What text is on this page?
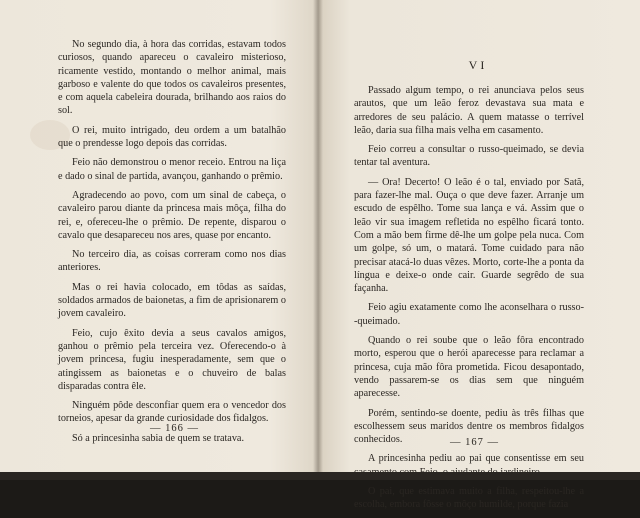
No segundo dia, à hora das corridas, estavam todos curiosos, quando apareceu o cavaleiro misterioso, ricamente vestido, montando o melhor animal, mais garboso e valente do que todos os cavaleiros presentes, e com aquela cabeleira dourada, brilhando aos raios do sol.

O rei, muito intrigado, deu ordem a um batalhão que o prendesse logo depois das corridas.

Feio não demonstrou o menor receio. Entrou na liça e dado o sinal de partida, avançou, ganhando o prêmio.

Agradecendo ao povo, com um sinal de cabeça, o cavaleiro parou diante da princesa mais môça, filha do rei, e, ofereceu-lhe o prêmio. De repente, disparou o cavalo que desapareceu nos ares, quase por encanto.

No terceiro dia, as coisas correram como nos dias anteriores.

Mas o rei havia colocado, em tôdas as saídas, soldados armados de baionetas, a fim de aprisionarem o jovem cavaleiro.

Feio, cujo êxito devia a seus cavalos amigos, ganhou o prêmio pela terceira vez. Oferecendo-o à jovem princesa, fugiu inesperadamente, sem que o atingissem as baionetas e o chuveiro de balas disparadas contra êle.

Ninguém pôde desconfiar quem era o vencedor dos torneios, apesar da grande curiosidade dos fidalgos.

Só a princesinha sabia de quem se tratava.

— 166 —
VI

Passado algum tempo, o rei anunciava pelos seus arautos, que um leão feroz devastava sua mata e arredores de seu palácio. A quem matasse o terrível leão, daria sua filha mais velha em casamento.

Feio correu a consultar o russo-queimado, se devia tentar tal aventura.

— Ora! Decerto! O leão é o tal, enviado por Satã, para fazer-lhe mal. Ouça o que deve fazer. Arranje um escudo de espêlho. Tome sua lança e vá. Assim que o leão vir sua imagem refletida no espêlho ficará tonto. Com a mão bem firme dê-lhe um golpe pela nuca. Com um golpe, só um, o matará. Tome cuidado para não precisar atacá-lo duas vêzes. Morto, corte-lhe a ponta da língua e deixe-o onde cair. Guarde segrêdo de sua façanha.

Feio agiu exatamente como lhe aconselhara o russo--queimado.

Quando o rei soube que o leão fôra encontrado morto, esperou que o herói aparecesse para reclamar a princesa, cuja mão fôra prometida. Ficou desapontado, vendo passarem-se os dias sem que ninguém aparecesse.

Porém, sentindo-se doente, pediu às três filhas que escolhessem seus maridos dentre os membros fidalgos conhecidos.

A princesinha pediu ao pai que consentisse em seu

O pai, que estimava muito a filha, respeitou-lhe a escolha, embora fôsse o môço humilde, porque fazia

— 167 —
